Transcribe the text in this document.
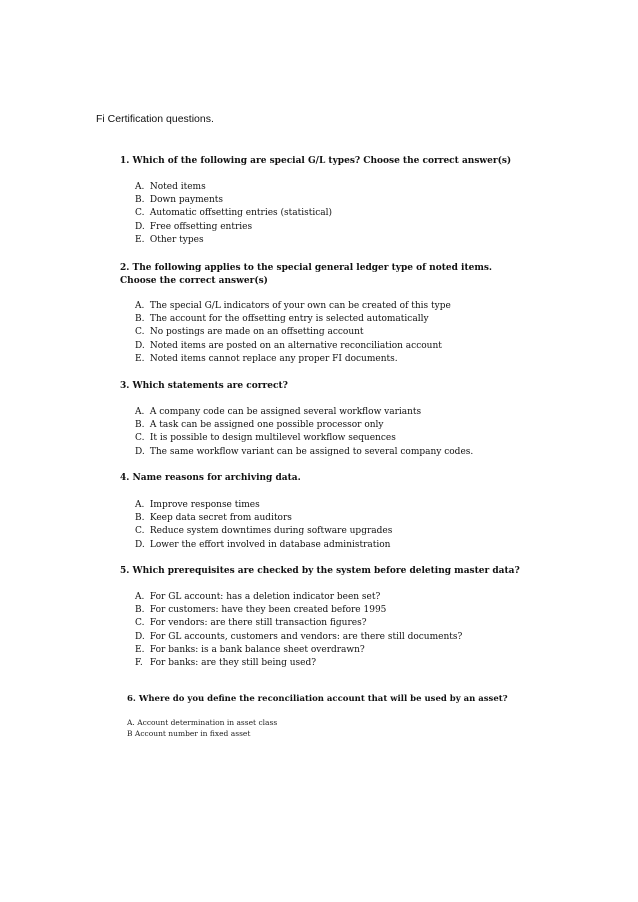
Fi Certification questions.
1. Which of the following are special G/L types? Choose the correct answer(s)
A. Noted items
B. Down payments
C. Automatic offsetting entries (statistical)
D. Free offsetting entries
E. Other types
2. The following applies to the special general ledger type of noted items.
Choose the correct answer(s)
A. The special G/L indicators of your own can be created of this type
B. The account for the offsetting entry is selected automatically
C. No postings are made on an offsetting account
D. Noted items are posted on an alternative reconciliation account
E. Noted items cannot replace any proper FI documents.
3. Which statements are correct?
A. A company code can be assigned several workflow variants
B. A task can be assigned one possible processor only
C. It is possible to design multilevel workflow sequences
D. The same workflow variant can be assigned to several company codes.
4. Name reasons for archiving data.
A. Improve response times
B. Keep data secret from auditors
C. Reduce system downtimes during software upgrades
D. Lower the effort involved in database administration
5. Which prerequisites are checked by the system before deleting master data?
A. For GL account: has a deletion indicator been set?
B. For customers: have they been created before 1995
C. For vendors: are there still transaction figures?
D. For GL accounts, customers and vendors: are there still documents?
E. For banks: is a bank balance sheet overdrawn?
F. For banks: are they still being used?
6. Where do you define the reconciliation account that will be used by an asset?
A. Account determination in asset class
B Account number in fixed asset
